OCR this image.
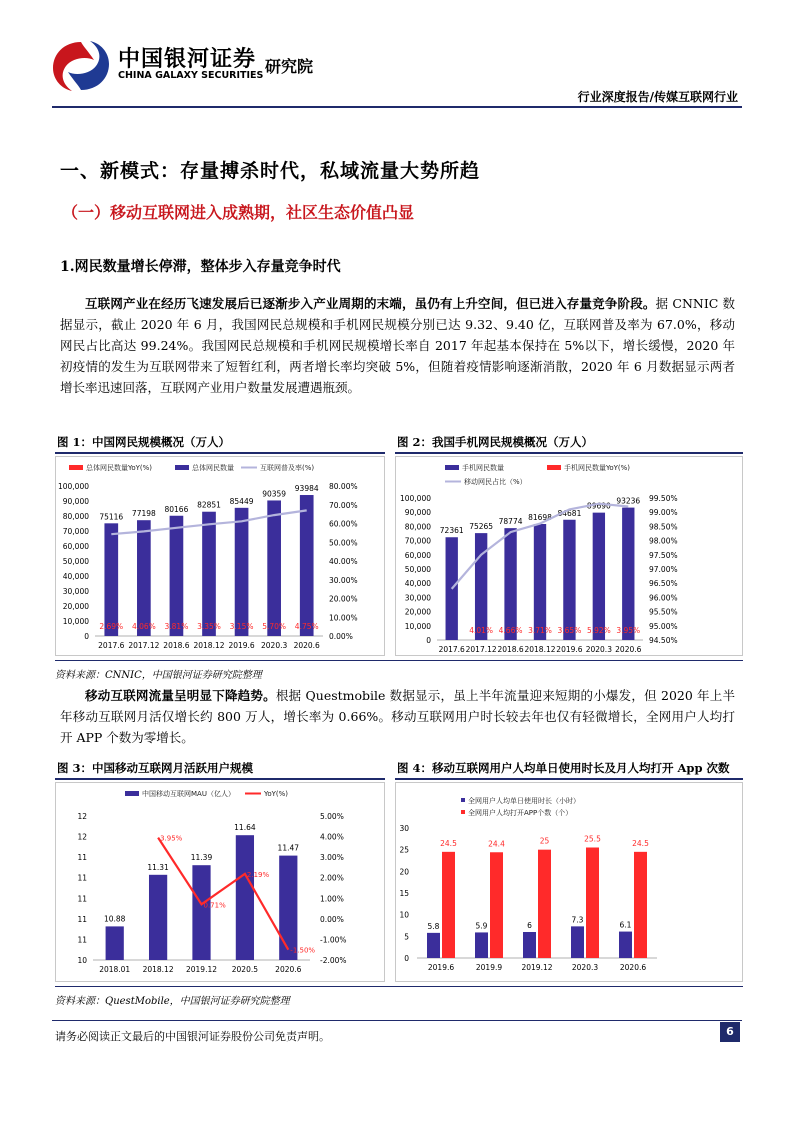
中国银河证券
CHINA GALAXY SECURITIES 研究院
行业深度报告/传媒互联网行业
一、新模式：存量搏杀时代，私域流量大势所趋
（一）移动互联网进入成熟期，社区生态价值凸显
1.网民数量增长停滞，整体步入存量竞争时代
互联网产业在经历飞速发展后已逐渐步入产业周期的末端，虽仍有上升空间，但已进入存量竞争阶段。据 CNNIC 数据显示，截止 2020 年 6 月，我国网民总规模和手机网民规模分别已达 9.32、9.40 亿，互联网普及率为 67.0%，移动网民占比高达 99.24%。我国网民总规模和手机网民规模增长率自 2017 年起基本保持在 5%以下，增长缓慢，2020 年初疫情的发生为互联网带来了短暂红利，两者增长率均突破 5%，但随着疫情影响逐渐消散，2020 年 6 月数据显示两者增长率迅速回落，互联网产业用户数量发展遭遇瓶颈。
图 1：中国网民规模概况（万人）	图 2：我国手机网民规模概况（万人）
0
10,000
20,000
30,000
40,000
50,000
60,000
70,000
80,000
90,000
100,000
0.00%
10.00%
20.00%
30.00%
40.00%
50.00%
60.00%
70.00%
80.00%
75116
2017.6
77198
2017.12
80166
2018.6
82851
2018.12
85449
2019.6
90359
2020.3
93984
2020.6
2.69% 4.06% 3.81% 3.35% 3.15% 5.70% 4.75%
总体网民数量YoY(%)	总体网民数量	互联网普及率(%)
0
10,000
20,000
30,000
40,000
50,000
60,000
70,000
80,000
90,000
100,000
94.50%
95.00%
95.50%
96.00%
96.50%
97.00%
97.50%
98.00%
98.50%
99.00%
99.50%
72361
2017.6
75265
2017.12
78774
2018.6
81698
2018.12
84681
2019.6
89690
2020.3
93236
2020.6
4.01% 4.66% 3.71% 3.65% 5.92% 3.95%
手机网民数量	手机网民数量YoY(%)
移动网民占比（%）
资料来源：CNNIC，中国银河证券研究院整理
移动互联网流量呈明显下降趋势。根据 Questmobile 数据显示，虽上半年流量迎来短期的小爆发，但 2020 年上半年移动互联网月活仅增长约 800 万人，增长率为 0.66%。移动互联网用户时长较去年也仅有轻微增长，全网用户人均打开 APP 个数为零增长。
图 3：中国移动互联网月活跃用户规模	图 4：移动互联网用户人均单日使用时长及月人均打开 App 次数
10
11
11
11
11
11
12
12
-2.00%
-1.00%
0.00%
1.00%
2.00%
3.00%
4.00%
5.00%
10.88
2018.01
11.31
2018.12
11.39
2019.12
11.64
2020.5
11.47
2020.6
3.95%
0.71%
2.19%
-1.50%
中国移动互联网MAU（亿人）	YoY(%)
0
5
10
15
20
25
30
5.8
24.5
2019.6
5.9
24.4
2019.9
6
25
2019.12
7.3
25.5
2020.3
6.1
24.5
2020.6
全网用户人均单日使用时长（小时）
全网用户人均打开APP个数（个）
资料来源：QuestMobile，中国银河证券研究院整理
请务必阅读正文最后的中国银河证券股份公司免责声明。	6
